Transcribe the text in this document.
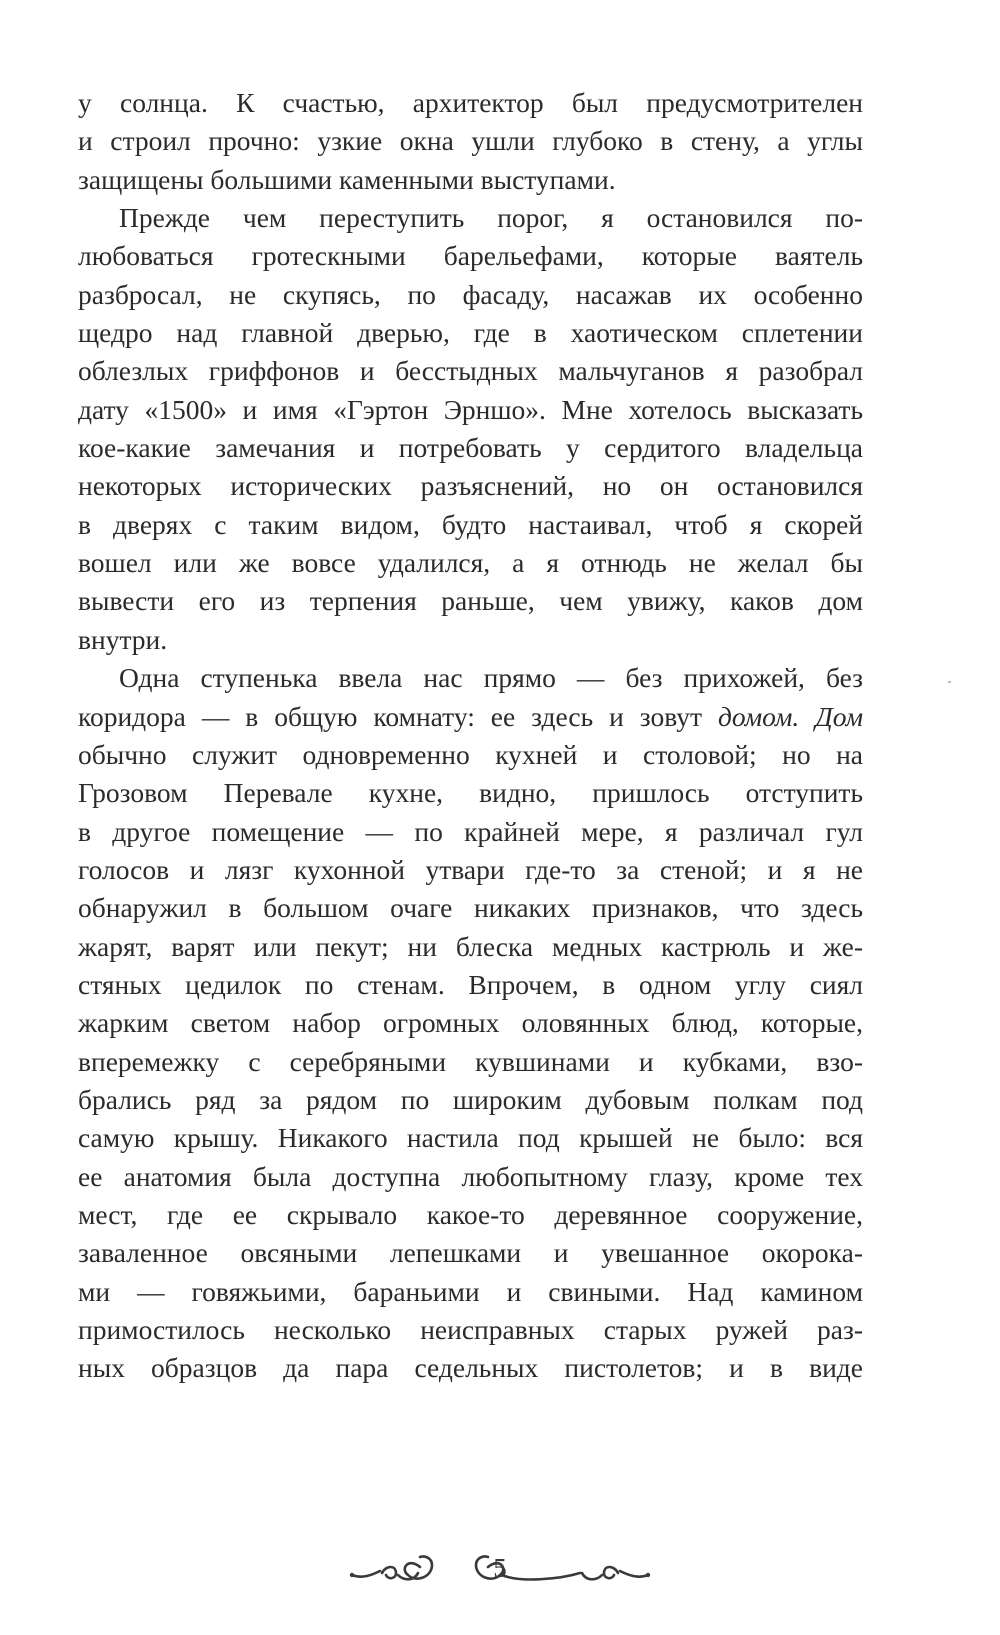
у солнца. К счастью, архитектор был предусмотрителен
и строил прочно: узкие окна ушли глубоко в стену, а углы
защищены большими каменными выступами.
Прежде чем переступить порог, я остановился по-
любоваться гротескными барельефами, которые ваятель
разбросал, не скупясь, по фасаду, насажав их особенно
щедро над главной дверью, где в хаотическом сплетении
облезлых гриффонов и бесстыдных мальчуганов я разобрал
дату «1500» и имя «Гэртон Эрншо». Мне хотелось высказать
кое-какие замечания и потребовать у сердитого владельца
некоторых исторических разъяснений, но он остановился
в дверях с таким видом, будто настаивал, чтоб я скорей
вошел или же вовсе удалился, а я отнюдь не желал бы
вывести его из терпения раньше, чем увижу, каков дом
внутри.
Одна ступенька ввела нас прямо — без прихожей, без
коридора — в общую комнату: ее здесь и зовут домом. Дом
обычно служит одновременно кухней и столовой; но на
Грозовом Перевале кухне, видно, пришлось отступить
в другое помещение — по крайней мере, я различал гул
голосов и лязг кухонной утвари где-то за стеной; и я не
обнаружил в большом очаге никаких признаков, что здесь
жарят, варят или пекут; ни блеска медных кастрюль и же-
стяных цедилок по стенам. Впрочем, в одном углу сиял
жарким светом набор огромных оловянных блюд, которые,
вперемежку с серебряными кувшинами и кубками, взо-
брались ряд за рядом по широким дубовым полкам под
самую крышу. Никакого настила под крышей не было: вся
ее анатомия была доступна любопытному глазу, кроме тех
мест, где ее скрывало какое-то деревянное сооружение,
заваленное овсяными лепешками и увешанное окорока-
ми — говяжьими, бараньими и свиными. Над камином
примостилось несколько неисправных старых ружей раз-
ных образцов да пара седельных пистолетов; и в виде
5
